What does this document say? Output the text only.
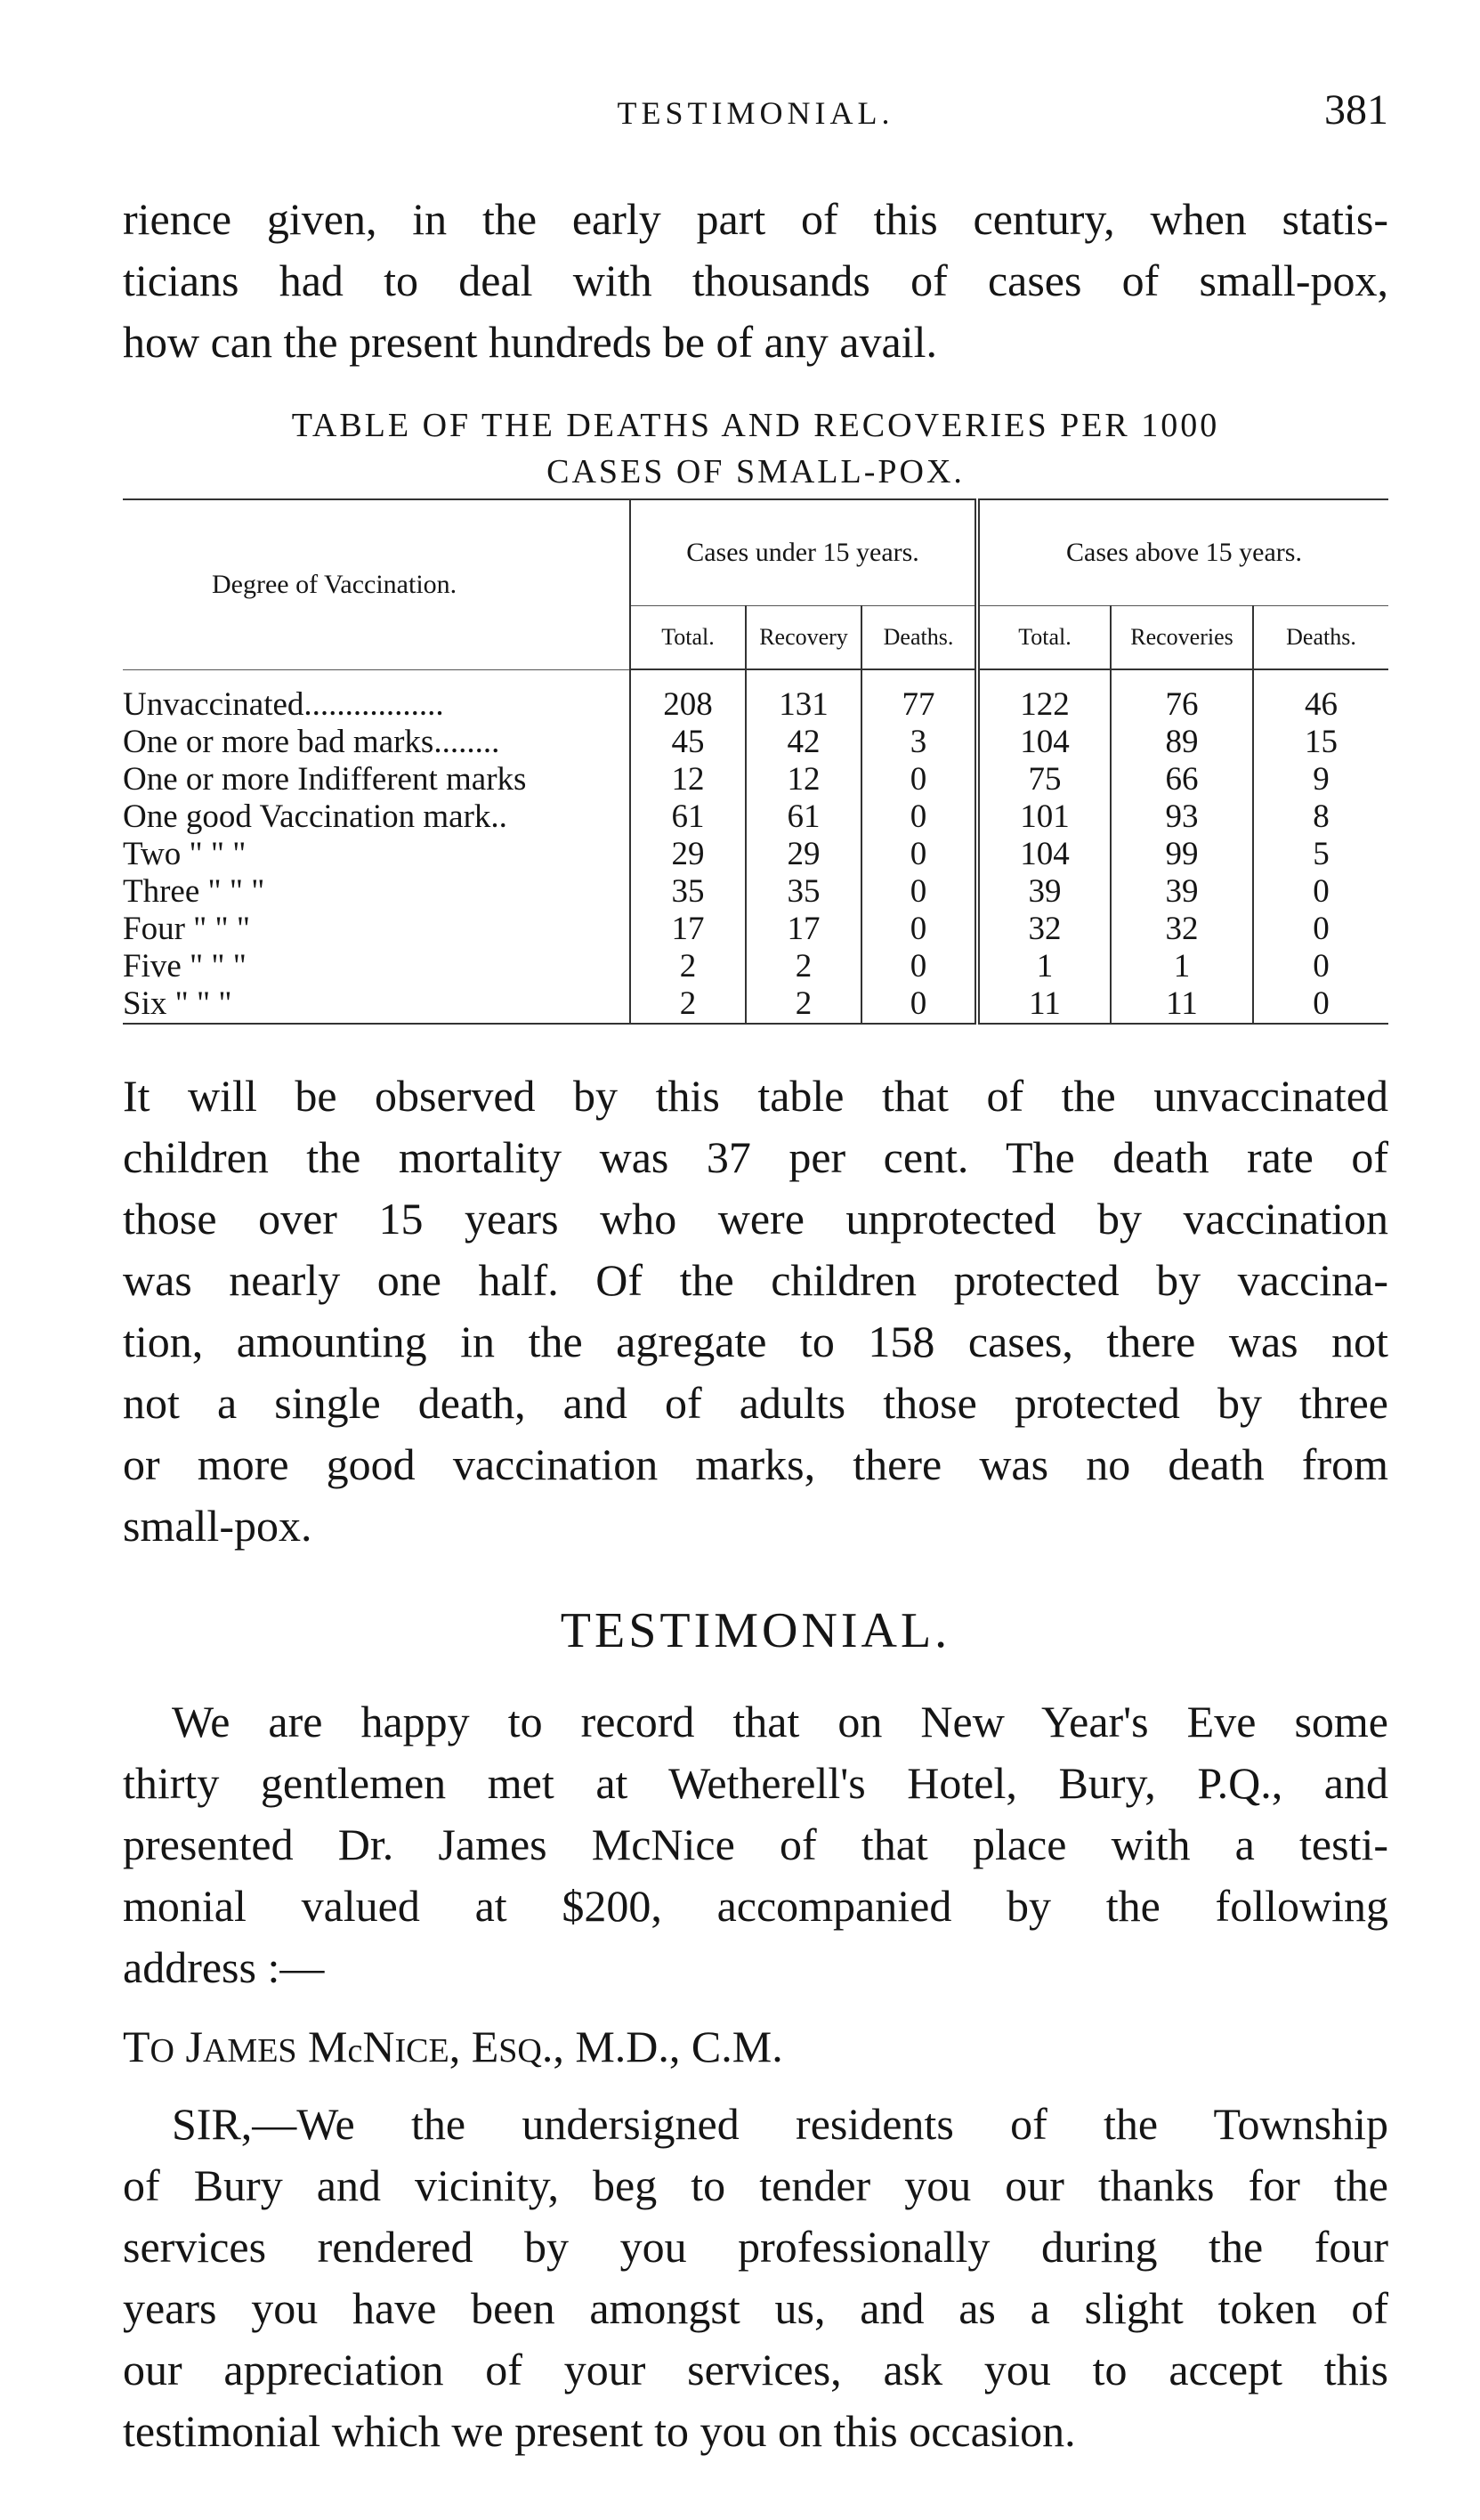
TESTIMONIAL.	381

rience given, in the early part of this century, when statis-
ticians had to deal with thousands of cases of small-pox,
how can the present hundreds be of any avail.

TABLE OF THE DEATHS AND RECOVERIES PER 1000
CASES OF SMALL-POX.
Degree of Vaccination.	Cases under 15 years.			Cases above 15 years.		
	Total.	Recovery	Deaths.	Total.	Recoveries	Deaths.
Unvaccinated.................	208	131	77	122	76	46
One or more bad marks........	45	42	3	104	89	15
One or more Indifferent marks	12	12	0	75	66	9
One good Vaccination mark..	61	61	0	101	93	8
Two " " "	29	29	0	104	99	5
Three " " "	35	35	0	39	39	0
Four " " "	17	17	0	32	32	0
Five " " "	2	2	0	1	1	0
Six " " "	2	2	0	11	11	0

It will be observed by this table that of the unvaccinated
children the mortality was 37 per cent. The death rate of
those over 15 years who were unprotected by vaccination
was nearly one half. Of the children protected by vaccina-
tion, amounting in the agregate to 158 cases, there was not
not a single death, and of adults those protected by three
or more good vaccination marks, there was no death from
small-pox.

TESTIMONIAL.

We are happy to record that on New Year's Eve some
thirty gentlemen met at Wetherell's Hotel, Bury, P.Q., and
presented Dr. James McNice of that place with a testi-
monial valued at $200, accompanied by the following
address :—

TO JAMES McNICE, ESQ., M.D., C.M.

SIR,—We the undersigned residents of the Township
of Bury and vicinity, beg to tender you our thanks for the
services rendered by you professionally during the four
years you have been amongst us, and as a slight token of
our appreciation of your services, ask you to accept this
testimonial which we present to you on this occasion.
